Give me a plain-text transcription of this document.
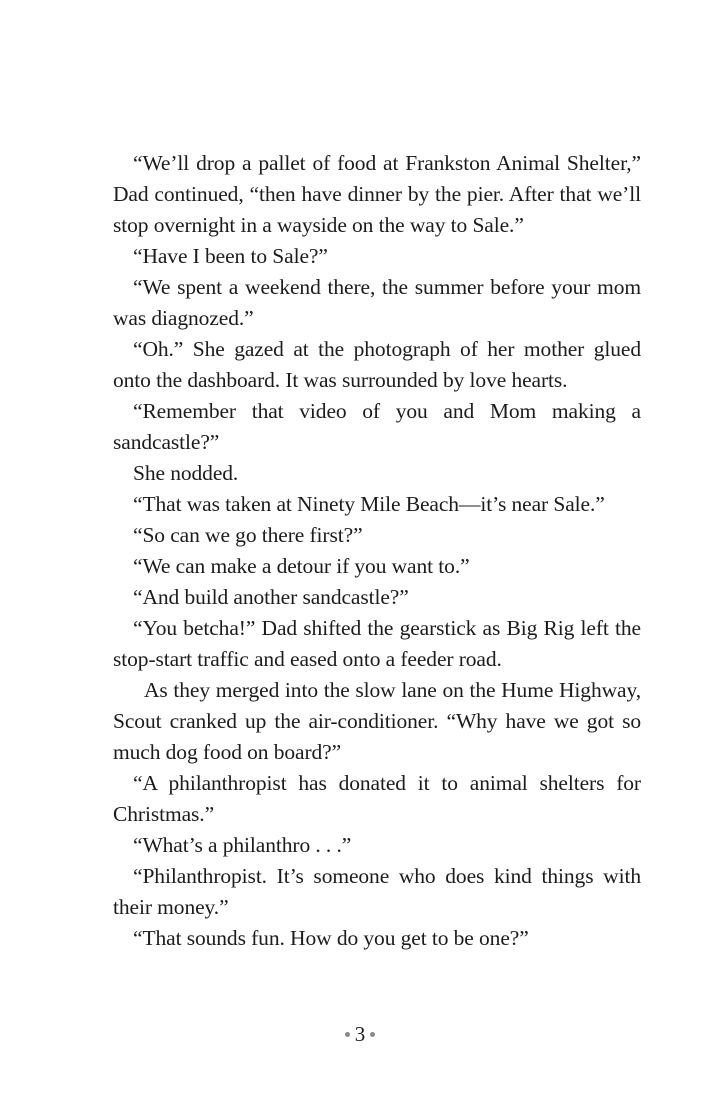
“We’ll drop a pallet of food at Frankston Animal Shelter,” Dad continued, “then have dinner by the pier. After that we’ll stop overnight in a wayside on the way to Sale.”

“Have I been to Sale?”

“We spent a weekend there, the summer before your mom was diagnozed.”

“Oh.” She gazed at the photograph of her mother glued onto the dashboard. It was surrounded by love hearts.

“Remember that video of you and Mom making a sandcastle?”

She nodded.

“That was taken at Ninety Mile Beach—it’s near Sale.”

“So can we go there first?”

“We can make a detour if you want to.”

“And build another sandcastle?”

“You betcha!” Dad shifted the gearstick as Big Rig left the stop-start traffic and eased onto a feeder road.

As they merged into the slow lane on the Hume Highway, Scout cranked up the air-conditioner. “Why have we got so much dog food on board?”

“A philanthropist has donated it to animal shelters for Christmas.”

“What’s a philanthro . . .”

“Philanthropist. It’s someone who does kind things with their money.”

“That sounds fun. How do you get to be one?”

3
